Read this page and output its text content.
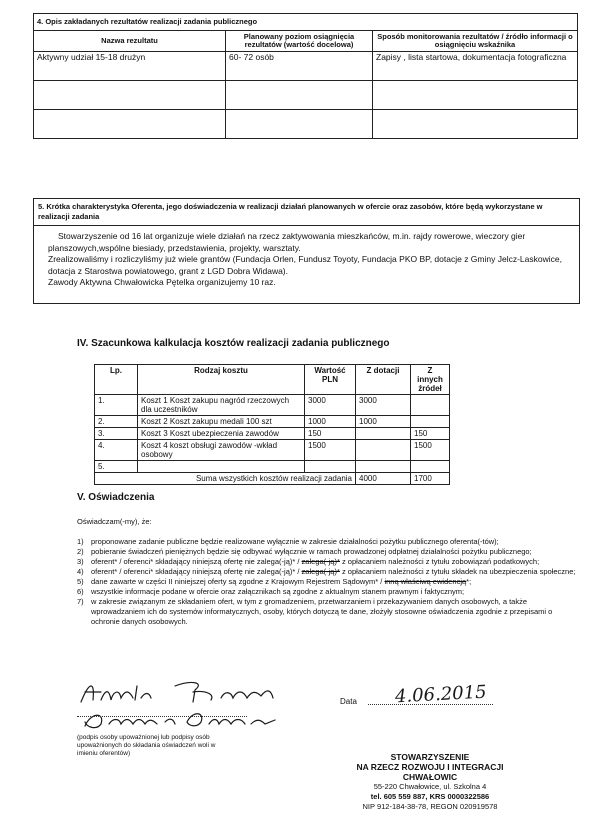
4. Opis zakładanych rezultatów realizacji zadania publicznego		
Nazwa rezultatu	Planowany poziom osiągnięcia rezultatów (wartość docelowa)	Sposób monitorowania rezultatów / źródło informacji o osiągnięciu wskaźnika
Aktywny udział 15-18 drużyn	60- 72 osób	Zapisy , lista startowa, dokumentacja fotograficzna

5. Krótka charakterystyka Oferenta, jego doświadczenia w realizacji działań planowanych w ofercie oraz zasobów, które będą wykorzystane w realizacji zadania
Stowarzyszenie od 16 lat organizuje wiele działań na rzecz zaktywowania mieszkańców, m.in. rajdy rowerowe, wieczory gier planszowych,wspólne biesiady, przedstawienia, projekty, warsztaty.
Zrealizowaliśmy i rozliczyliśmy już wiele grantów (Fundacja Orlen, Fundusz Toyoty, Fundacja PKO BP, dotacje z Gminy Jelcz-Laskowice, dotacja z Starostwa powiatowego, grant z LGD Dobra Widawa).
Zawody Aktywna Chwałowicka Pętelka organizujemy 10 raz.
IV. Szacunkowa kalkulacja kosztów realizacji zadania publicznego
Lp.	Rodzaj kosztu	Wartość PLN	Z dotacji	Z innych źródeł
1.	Koszt 1 Koszt zakupu nagród rzeczowych dla uczestników	3000	3000	
2.	Koszt 2 Koszt zakupu medali 100 szt	1000	1000	
3.	Koszt 3 Koszt ubezpieczenia zawodów	150		150
4.	Koszt 4 koszt obsługi zawodów -wkład osobowy	1500		1500
5.				
Suma wszystkich kosztów realizacji zadania			4000	1700
V. Oświadczenia
Oświadczam(-my), że:
1) proponowane zadanie publiczne będzie realizowane wyłącznie w zakresie działalności pożytku publicznego oferenta(-tów);
2) pobieranie świadczeń pieniężnych będzie się odbywać wyłącznie w ramach prowadzonej odpłatnej działalności pożytku publicznego;
3) oferent* / oferenci* składający niniejszą ofertę nie zalega(-ją)* / zalega(-ją)* z opłacaniem należności z tytułu zobowiązań podatkowych;
4) oferent* / oferenci* składający niniejszą ofertę nie zalega(-ją)* / zalega(-ją)* z opłacaniem należności z tytułu składek na ubezpieczenia społeczne;
5) dane zawarte w części II niniejszej oferty są zgodne z Krajowym Rejestrem Sądowym* / inną właściwą ewidencją*;
6) wszystkie informacje podane w ofercie oraz załącznikach są zgodne z aktualnym stanem prawnym i faktycznym;
7) w zakresie związanym ze składaniem ofert, w tym z gromadzeniem, przetwarzaniem i przekazywaniem danych osobowych, a także wprowadzaniem ich do systemów informatycznych, osoby, których dotyczą te dane, złożyły stosowne oświadczenia zgodnie z przepisami o ochronie danych osobowych.
(podpis osoby upoważnionej lub podpisy osób upoważnionych do składania oświadczeń woli w imieniu oferentów)
Data 4.06.2015
STOWARZYSZENIE
NA RZECZ ROZWOJU I INTEGRACJI
CHWAŁOWIC
55-220 Chwałowice, ul. Szkolna 4
tel. 605 559 887, KRS 0000322586
NIP 912-184-38-78, REGON 020919578
